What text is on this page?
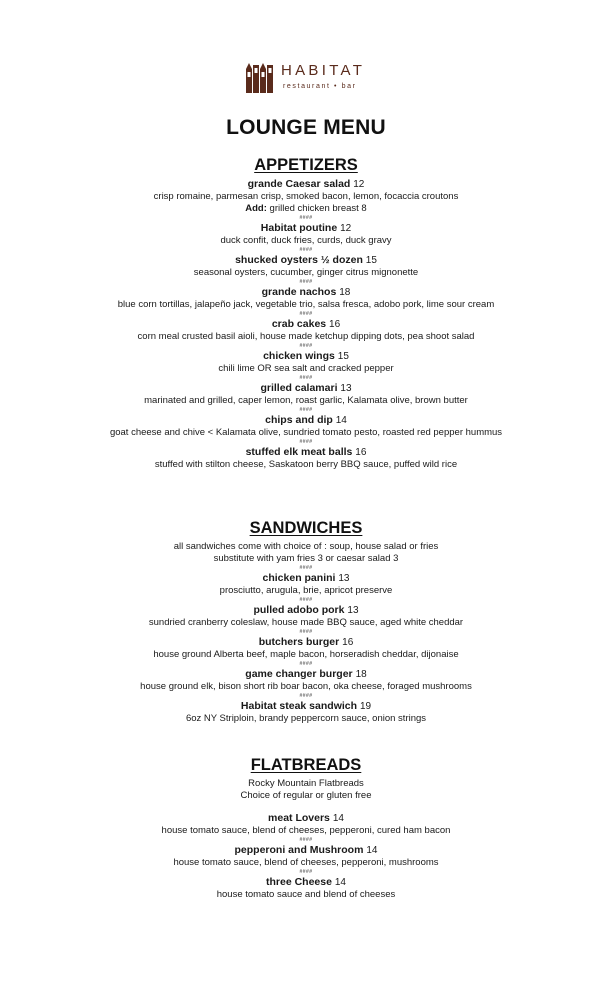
HABITAT
restaurant • bar
LOUNGE MENU
APPETIZERS
grande Caesar salad 12
crisp romaine, parmesan crisp, smoked bacon, lemon, focaccia croutons
Add: grilled chicken breast 8
####
Habitat poutine 12
duck confit, duck fries, curds, duck gravy
####
shucked oysters ½ dozen 15
seasonal oysters, cucumber, ginger citrus mignonette
####
grande nachos 18
blue corn tortillas, jalapeño jack, vegetable trio, salsa fresca, adobo pork, lime sour cream
####
crab cakes 16
corn meal crusted basil aioli, house made ketchup dipping dots, pea shoot salad
####
chicken wings 15
chili lime OR sea salt and cracked pepper
####
grilled calamari 13
marinated and grilled, caper lemon, roast garlic, Kalamata olive, brown butter
####
chips and dip 14
goat cheese and chive < Kalamata olive, sundried tomato pesto, roasted red pepper hummus
####
stuffed elk meat balls 16
stuffed with stilton cheese, Saskatoon berry BBQ sauce, puffed wild rice
SANDWICHES
all sandwiches come with choice of : soup, house salad or fries
substitute with yam fries 3 or caesar salad 3
####
chicken panini 13
prosciutto, arugula, brie, apricot preserve
####
pulled adobo pork 13
sundried cranberry coleslaw, house made BBQ sauce, aged white cheddar
####
butchers burger 16
house ground Alberta beef, maple bacon, horseradish cheddar, dijonaise
####
game changer burger 18
house ground elk, bison short rib boar bacon, oka cheese, foraged mushrooms
####
Habitat steak sandwich 19
6oz NY Striploin, brandy peppercorn sauce, onion strings
FLATBREADS
Rocky Mountain Flatbreads
Choice of regular or gluten free
meat Lovers 14
house tomato sauce, blend of cheeses, pepperoni, cured ham bacon
####
pepperoni and Mushroom 14
house tomato sauce, blend of cheeses, pepperoni, mushrooms
####
three Cheese 14
house tomato sauce and blend of cheeses
